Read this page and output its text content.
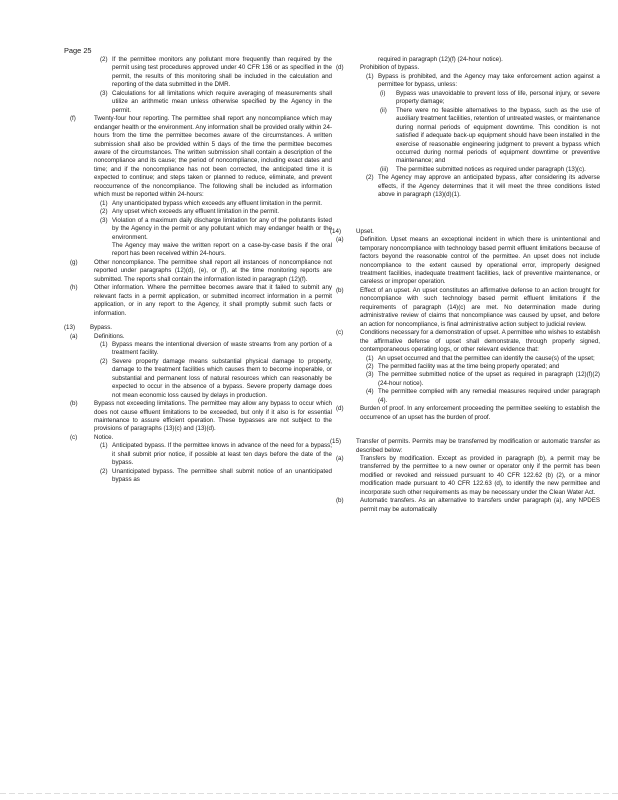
Page 25
(2) If the permittee monitors any pollutant more frequently than required by the permit using test procedures approved under 40 CFR 136 or as specified in the permit, the results of this monitoring shall be included in the calculation and reporting of the data submitted in the DMR.

(3) Calculations for all limitations which require averaging of measurements shall utilize an arithmetic mean unless otherwise specified by the Agency in the permit.

(f)	Twenty-four hour reporting. The permittee shall report any noncompliance which may endanger health or the environment. Any information shall be provided orally within 24-hours from the time the permittee becomes aware of the circumstances. A written submission shall also be provided within 5 days of the time the permittee becomes aware of the circumstances. The written submission shall contain a description of the noncompliance and its cause; the period of noncompliance, including exact dates and time; and if the noncompliance has not been corrected, the anticipated time it is expected to continue; and steps taken or planned to reduce, eliminate, and prevent reoccurrence of the noncompliance. The following shall be included as information which must be reported within 24-hours:

(1) Any unanticipated bypass which exceeds any effluent limitation in the permit.

(2) Any upset which exceeds any effluent limitation in the permit.

(3) Violation of a maximum daily discharge limitation for any of the pollutants listed by the Agency in the permit or any pollutant which may endanger health or the environment.

The Agency may waive the written report on a case-by-case basis if the oral report has been received within 24-hours.

(g)	Other noncompliance. The permittee shall report all instances of noncompliance not reported under paragraphs (12)(d), (e), or (f), at the time monitoring reports are submitted. The reports shall contain the information listed in paragraph (12)(f).

(h)	Other information. Where the permittee becomes aware that it failed to submit any relevant facts in a permit application, or submitted incorrect information in a permit application, or in any report to the Agency, it shall promptly submit such facts or information.

(13) Bypass.

(a)	Definitions.

(1) Bypass means the intentional diversion of waste streams from any portion of a treatment facility.

(2) Severe property damage means substantial physical damage to property, damage to the treatment facilities which causes them to become inoperable, or substantial and permanent loss of natural resources which can reasonably be expected to occur in the absence of a bypass. Severe property damage does not mean economic loss caused by delays in production.

(b)	Bypass not exceeding limitations. The permittee may allow any bypass to occur which does not cause effluent limitations to be exceeded, but only if it also is for essential maintenance to assure efficient operation. These bypasses are not subject to the provisions of paragraphs (13)(c) and (13)(d).

(c)	Notice.

(1) Anticipated bypass. If the permittee knows in advance of the need for a bypass, it shall submit prior notice, if possible at least ten days before the date of the bypass.

(2) Unanticipated bypass. The permittee shall submit notice of an unanticipated bypass as

required in paragraph (12)(f) (24-hour notice).

(d)	Prohibition of bypass.

(1) Bypass is prohibited, and the Agency may take enforcement action against a permittee for bypass, unless:

(i) Bypass was unavoidable to prevent loss of life, personal injury, or severe property damage;

(ii) There were no feasible alternatives to the bypass, such as the use of auxiliary treatment facilities, retention of untreated wastes, or maintenance during normal periods of equipment downtime. This condition is not satisfied if adequate back-up equipment should have been installed in the exercise of reasonable engineering judgment to prevent a bypass which occurred during normal periods of equipment downtime or preventive maintenance; and

(iii) The permittee submitted notices as required under paragraph (13)(c).

(2) The Agency may approve an anticipated bypass, after considering its adverse effects, if the Agency determines that it will meet the three conditions listed above in paragraph (13)(d)(1).

(14) Upset.

(a)	Definition. Upset means an exceptional incident in which there is unintentional and temporary noncompliance with technology based permit effluent limitations because of factors beyond the reasonable control of the permittee. An upset does not include noncompliance to the extent caused by operational error, improperly designed treatment facilities, inadequate treatment facilities, lack of preventive maintenance, or careless or improper operation.

(b)	Effect of an upset. An upset constitutes an affirmative defense to an action brought for noncompliance with such technology based permit effluent limitations if the requirements of paragraph (14)(c) are met. No determination made during administrative review of claims that noncompliance was caused by upset, and before an action for noncompliance, is final administrative action subject to judicial review.

(c)	Conditions necessary for a demonstration of upset. A permittee who wishes to establish the affirmative defense of upset shall demonstrate, through properly signed, contemporaneous operating logs, or other relevant evidence that:

(1) An upset occurred and that the permittee can identify the cause(s) of the upset;

(2) The permitted facility was at the time being properly operated; and

(3) The permittee submitted notice of the upset as required in paragraph (12)(f)(2) (24-hour notice).

(4) The permittee complied with any remedial measures required under paragraph (4).

(d)	Burden of proof. In any enforcement proceeding the permittee seeking to establish the occurrence of an upset has the burden of proof.

(15) Transfer of permits. Permits may be transferred by modification or automatic transfer as described below:

(a)	Transfers by modification. Except as provided in paragraph (b), a permit may be transferred by the permittee to a new owner or operator only if the permit has been modified or revoked and reissued pursuant to 40 CFR 122.62 (b) (2), or a minor modification made pursuant to 40 CFR 122.63 (d), to identify the new permittee and incorporate such other requirements as may be necessary under the Clean Water Act.

(b)	Automatic transfers. As an alternative to transfers under paragraph (a), any NPDES permit may be automatically
